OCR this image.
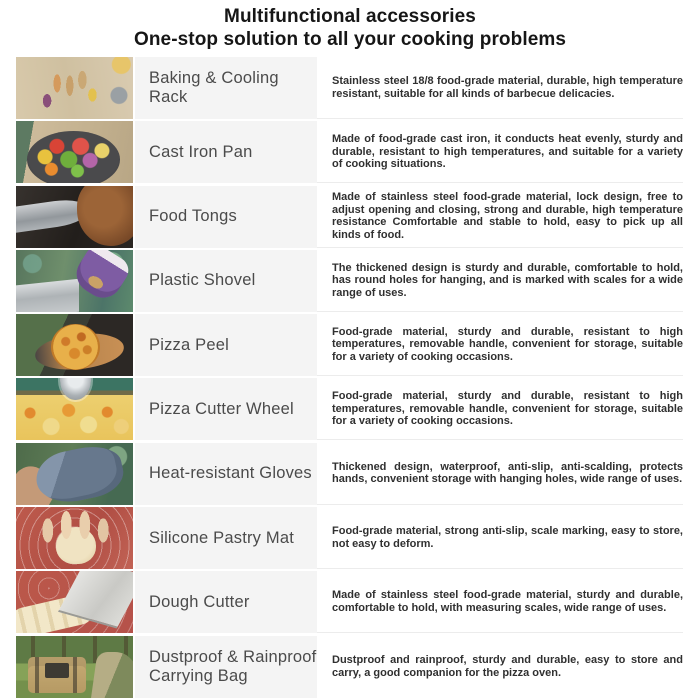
Multifunctional accessories
One-stop solution to all your cooking problems
Baking & Cooling Rack

Stainless steel 18/8 food-grade material, durable, high temperature resistant, suitable for all kinds of barbecue delicacies.

Cast Iron Pan

Made of food-grade cast iron, it conducts heat evenly, sturdy and durable, resistant to high temperatures, and suitable for a variety of cooking situations.

Food Tongs

Made of stainless steel food-grade material, lock design, free to adjust opening and closing, strong and durable, high temperature resistance Comfortable and stable to hold, easy to pick up all kinds of food.

Plastic Shovel

The thickened design is sturdy and durable, comfortable to hold, has round holes for hanging, and is marked with scales for a wide range of uses.

Pizza Peel

Food-grade material, sturdy and durable, resistant to high temperatures, removable handle, convenient for storage, suitable for a variety of cooking occasions.

Pizza Cutter Wheel

Food-grade material, sturdy and durable, resistant to high temperatures, removable handle, convenient for storage, suitable for a variety of cooking occasions.

Heat-resistant Gloves Thickened design, waterproof, anti-slip, anti-scalding, protects hands, convenient storage with hanging holes, wide range of uses.

Silicone Pastry Mat	Food-grade material, strong anti-slip, scale marking, easy to store, not easy to deform.

Dough Cutter	Made of stainless steel food-grade material, sturdy and durable, comfortable to hold, with measuring scales, wide range of uses.

Dustproof & Rainproof Carrying Bag

Dustproof and rainproof, sturdy and durable, easy to store and carry, a good companion for the pizza oven.
